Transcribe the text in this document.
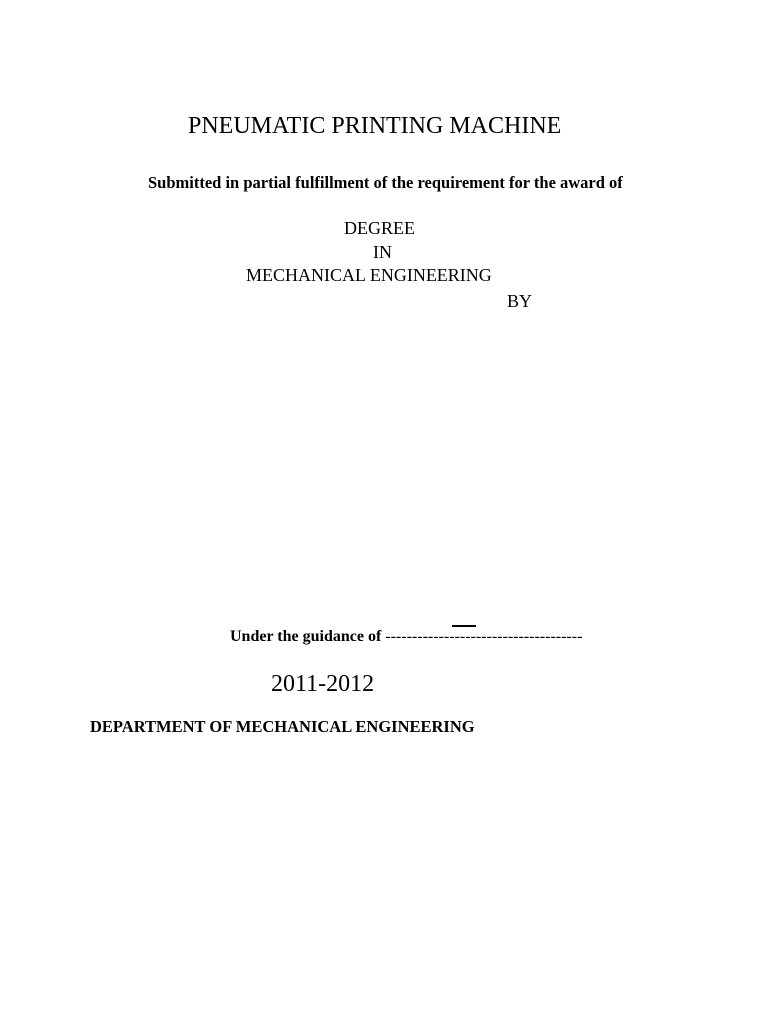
PNEUMATIC PRINTING MACHINE

Submitted in partial fulfillment of the requirement for the award of

DEGREE

IN

MECHANICAL ENGINEERING

BY

Under the guidance of -------------------------------------

2011-2012

DEPARTMENT OF MECHANICAL ENGINEERING
